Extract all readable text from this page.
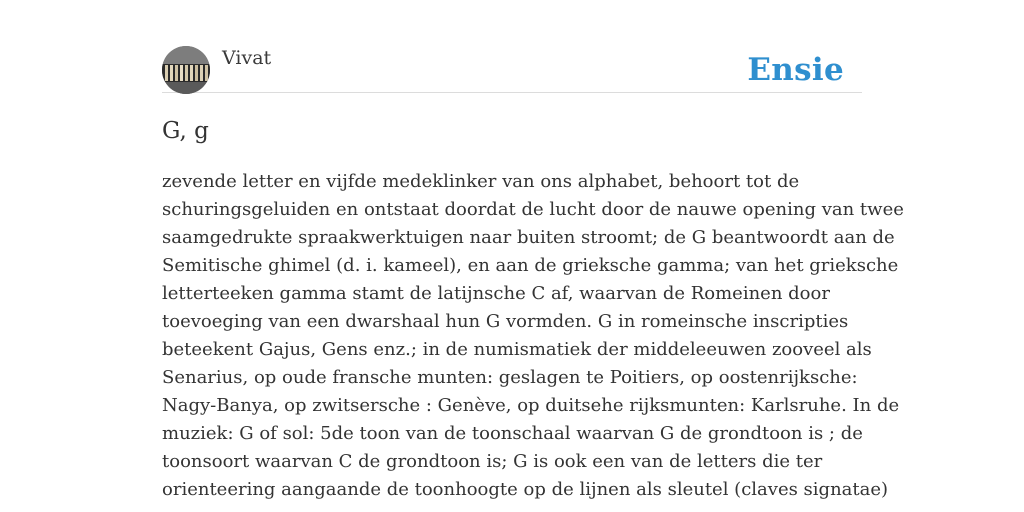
Vivat	Ensie
G, g
zevende letter en vijfde medeklinker van ons alphabet, behoort tot de
schuringsgeluiden en ontstaat doordat de lucht door de nauwe opening van twee
saamgedrukte spraakwerktuigen naar buiten stroomt; de G beantwoordt aan de
Semitische ghimel (d. i. kameel), en aan de grieksche gamma; van het grieksche
letterteeken gamma stamt de latijnsche C af, waarvan de Romeinen door
toevoeging van een dwarshaal hun G vormden. G in romeinsche inscripties
beteekent Gajus, Gens enz.; in de numismatiek der middeleeuwen zooveel als
Senarius, op oude fransche munten: geslagen te Poitiers, op oostenrijksche:
Nagy-Banya, op zwitsersche : Genève, op duitsehe rijksmunten: Karlsruhe. In de
muziek: G of sol: 5de toon van de toonschaal waarvan G de grondtoon is ; de
toonsoort waarvan C de grondtoon is; G is ook een van de letters die ter
orienteering aangaande de toonhoogte op de lijnen als sleutel (claves signatae)
